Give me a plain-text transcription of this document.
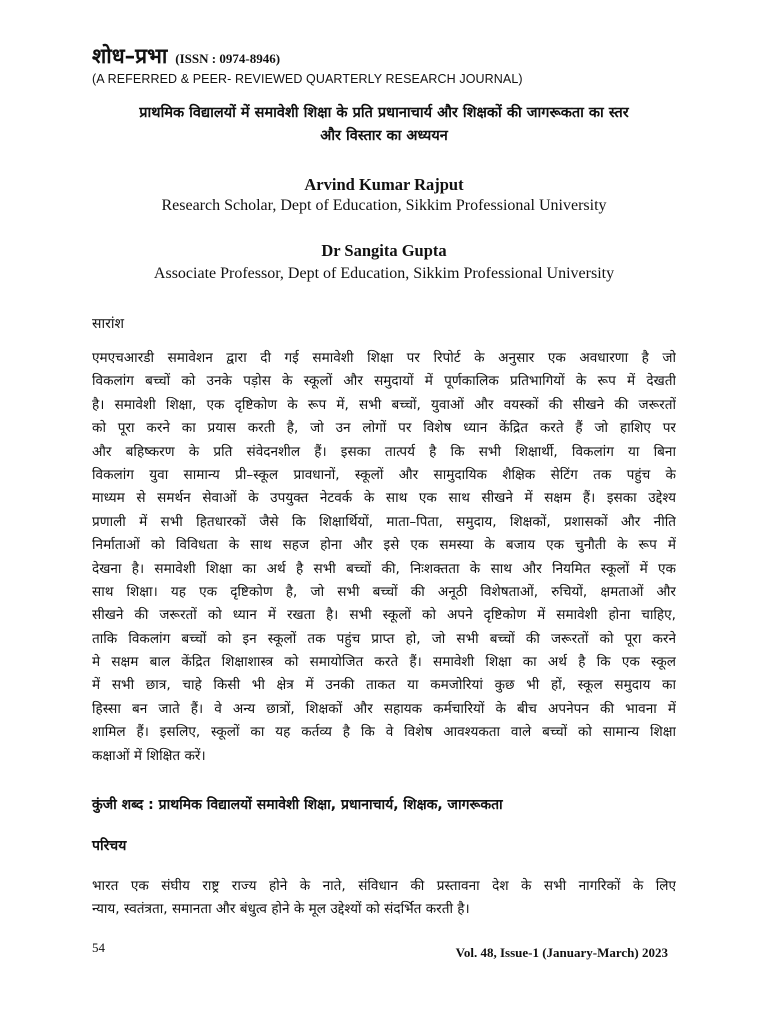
शोध–प्रभा (ISSN : 0974-8946)
(A REFERRED & PEER- REVIEWED QUARTERLY RESEARCH JOURNAL)
प्राथमिक विद्यालयों में समावेशी शिक्षा के प्रति प्रधानाचार्य और शिक्षकों की जागरूकता का स्तर
और विस्तार का अध्ययन
Arvind Kumar Rajput
Research Scholar, Dept of Education, Sikkim Professional University
Dr Sangita Gupta
Associate Professor, Dept of Education, Sikkim Professional University
सारांश
एमएचआरडी समावेशन द्वारा दी गई समावेशी शिक्षा पर रिपोर्ट के अनुसार एक अवधारणा है जो
विकलांग बच्चों को उनके पड़ोस के स्कूलों और समुदायों में पूर्णकालिक प्रतिभागियों के रूप में देखती
है। समावेशी शिक्षा, एक दृष्टिकोण के रूप में, सभी बच्चों, युवाओं और वयस्कों की सीखने की जरूरतों
को पूरा करने का प्रयास करती है, जो उन लोगों पर विशेष ध्यान केंद्रित करते हैं जो हाशिए पर
और बहिष्करण के प्रति संवेदनशील हैं। इसका तात्पर्य है कि सभी शिक्षार्थी, विकलांग या बिना
विकलांग युवा सामान्य प्री–स्कूल प्रावधानों, स्कूलों और सामुदायिक शैक्षिक सेटिंग तक पहुंच के
माध्यम से समर्थन सेवाओं के उपयुक्त नेटवर्क के साथ एक साथ सीखने में सक्षम हैं। इसका उद्देश्य
प्रणाली में सभी हितधारकों जैसे कि शिक्षार्थियों, माता–पिता, समुदाय, शिक्षकों, प्रशासकों और नीति
निर्माताओं को विविधता के साथ सहज होना और इसे एक समस्या के बजाय एक चुनौती के रूप में
देखना है। समावेशी शिक्षा का अर्थ है सभी बच्चों की, निःशक्तता के साथ और नियमित स्कूलों में एक
साथ शिक्षा। यह एक दृष्टिकोण है, जो सभी बच्चों की अनूठी विशेषताओं, रुचियों, क्षमताओं और
सीखने की जरूरतों को ध्यान में रखता है। सभी स्कूलों को अपने दृष्टिकोण में समावेशी होना चाहिए,
ताकि विकलांग बच्चों को इन स्कूलों तक पहुंच प्राप्त हो, जो सभी बच्चों की जरूरतों को पूरा करने
मे सक्षम बाल केंद्रित शिक्षाशास्त्र को समायोजित करते हैं। समावेशी शिक्षा का अर्थ है कि एक स्कूल
में सभी छात्र, चाहे किसी भी क्षेत्र में उनकी ताकत या कमजोरियां कुछ भी हों, स्कूल समुदाय का
हिस्सा बन जाते हैं। वे अन्य छात्रों, शिक्षकों और सहायक कर्मचारियों के बीच अपनेपन की भावना में
शामिल हैं। इसलिए, स्कूलों का यह कर्तव्य है कि वे विशेष आवश्यकता वाले बच्चों को सामान्य शिक्षा
कक्षाओं में शिक्षित करें।
कुंजी शब्द : प्राथमिक विद्यालयों समावेशी शिक्षा, प्रधानाचार्य, शिक्षक, जागरूकता
परिचय
भारत एक संघीय राष्ट्र राज्य होने के नाते, संविधान की प्रस्तावना देश के सभी नागरिकों के लिए
न्याय, स्वतंत्रता, समानता और बंधुत्व होने के मूल उद्देश्यों को संदर्भित करती है।
54	Vol. 48, Issue-1 (January-March) 2023
